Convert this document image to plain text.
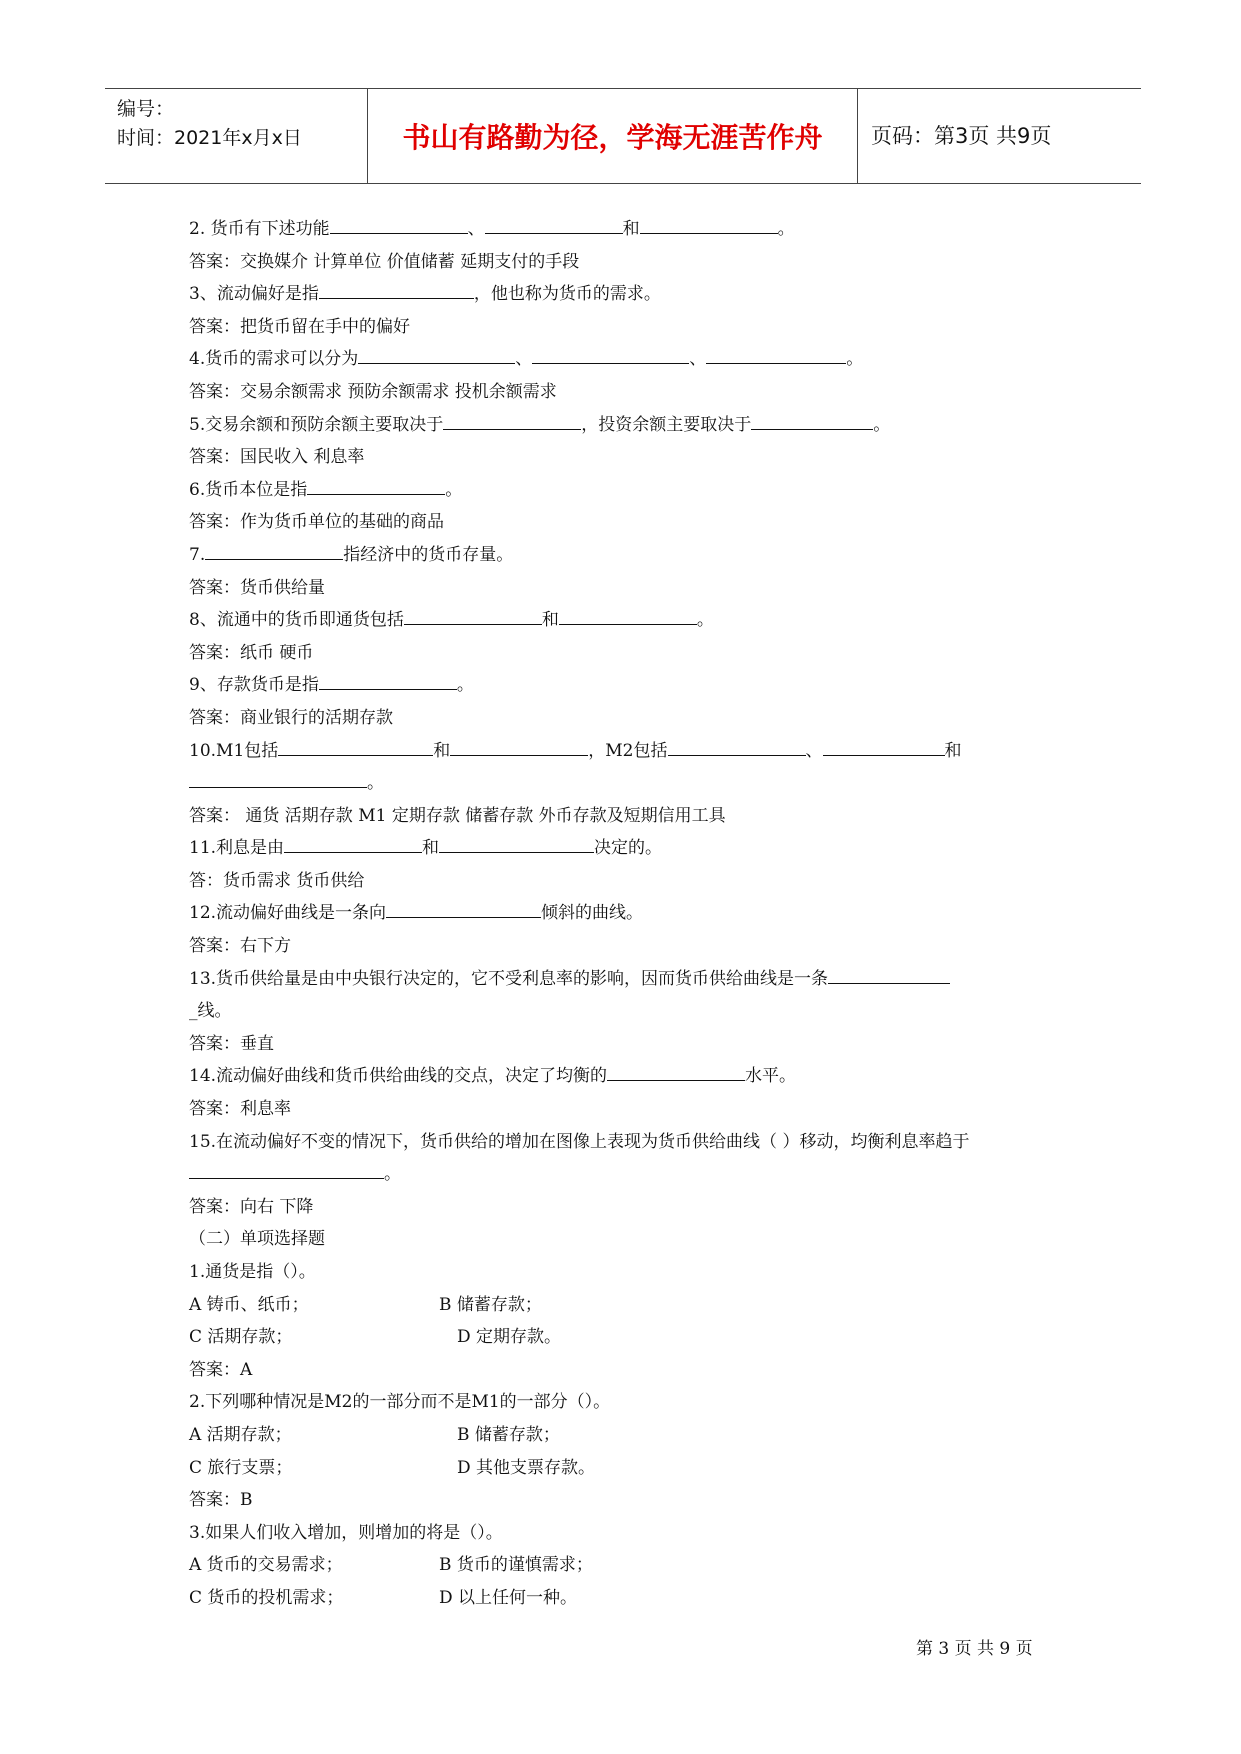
编号：
时间：2021年x月x日	书山有路勤为径，学海无涯苦作舟	页码：第3页 共9页
2. 货币有下述功能	、	和	。
答案：交换媒介 计算单位 价值储蓄 延期支付的手段
3、流动偏好是指	，他也称为货币的需求。
答案：把货币留在手中的偏好
4.货币的需求可以分为	、	、	。
答案：交易余额需求 预防余额需求 投机余额需求
5.交易余额和预防余额主要取决于	，投资余额主要取决于	。
答案：国民收入 利息率
6.货币本位是指	。
答案：作为货币单位的基础的商品
7.	指经济中的货币存量。
答案：货币供给量
8、流通中的货币即通货包括	和	。
答案：纸币 硬币
9、存款货币是指	。
答案：商业银行的活期存款
10.M1包括	和	，M2包括	、	和
。
答案： 通货 活期存款 M1 定期存款 储蓄存款 外币存款及短期信用工具
11.利息是由	和	决定的。
答：货币需求 货币供给
12.流动偏好曲线是一条向	倾斜的曲线。
答案：右下方
13.货币供给量是由中央银行决定的，它不受利息率的影响，因而货币供给曲线是一条
_线。
答案：垂直
14.流动偏好曲线和货币供给曲线的交点，决定了均衡的	水平。
答案：利息率
15.在流动偏好不变的情况下，货币供给的增加在图像上表现为货币供给曲线（ ）移动，均衡利息率趋于
。
答案：向右 下降
（二）单项选择题
1.通货是指（）。
A 铸币、纸币；	B 储蓄存款；
C 活期存款；	D 定期存款。
答案：A
2.下列哪种情况是M2的一部分而不是M1的一部分（）。
A 活期存款；	B 储蓄存款；
C 旅行支票；	D 其他支票存款。
答案：B
3.如果人们收入增加，则增加的将是（）。
A 货币的交易需求；	B 货币的谨慎需求；
C 货币的投机需求；	D 以上任何一种。
第 3 页 共 9 页
